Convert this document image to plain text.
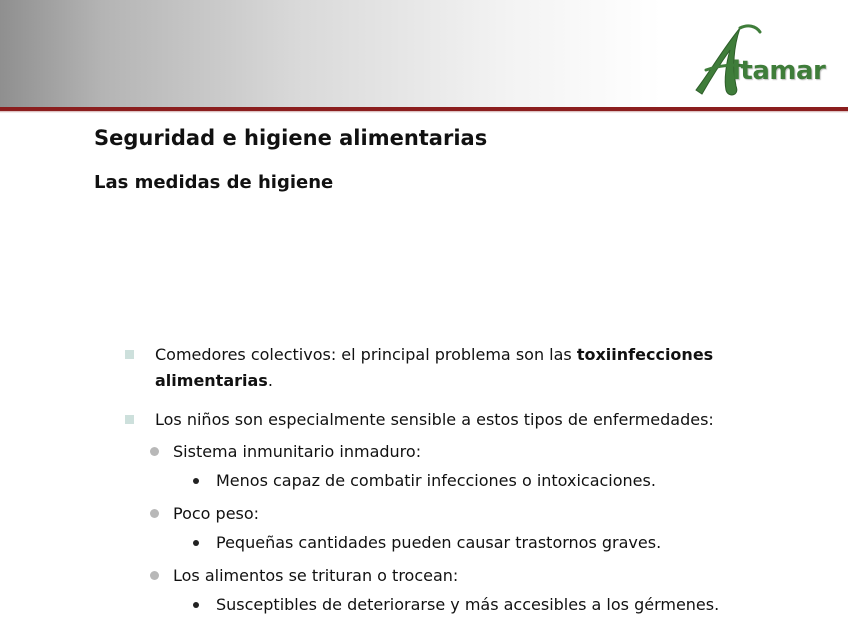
ltamar
Seguridad e higiene alimentarias
Las medidas de higiene
Comedores colectivos: el principal problema son las toxiinfecciones
alimentarias.
Los niños son especialmente sensible a estos tipos de enfermedades:
Sistema inmunitario inmaduro:
Menos capaz de combatir infecciones o intoxicaciones.
Poco peso:
Pequeñas cantidades pueden causar trastornos graves.
Los alimentos se trituran o trocean:
Susceptibles de deteriorarse y más accesibles a los gérmenes.
